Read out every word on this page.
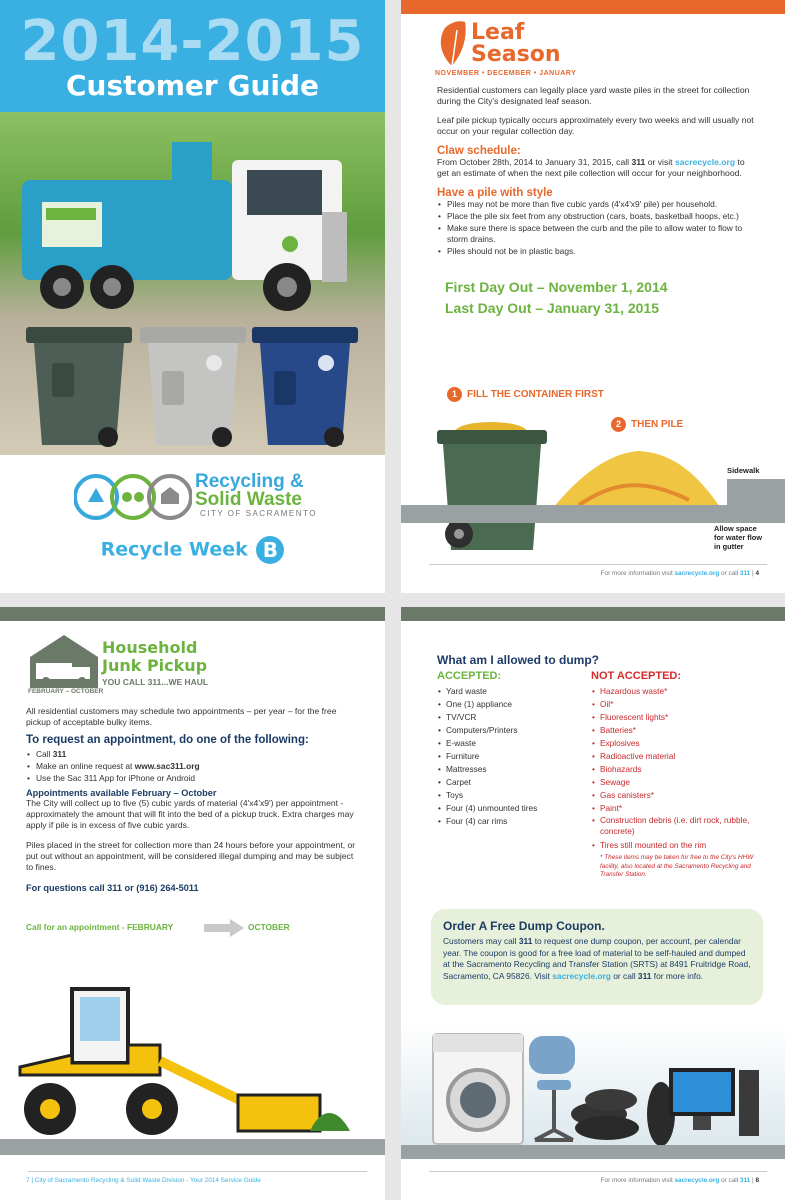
2014-2015
Customer Guide
Recycling &
Solid Waste
CITY OF SACRAMENTO
Recycle Week B
Leaf
Season
NOVEMBER • DECEMBER • JANUARY

Residential customers can legally place yard waste piles in the street for collection during the City's designated leaf season.

Leaf pile pickup typically occurs approximately every two weeks and will usually not occur on your regular collection day.

Claw schedule:

From October 28th, 2014 to January 31, 2015, call 311 or visit sacrecycle.org to get an estimate of when the next pile collection will occur for your neighborhood.

Have a pile with style
• Piles may not be more than five cubic yards (4'x4'x9' pile) per household.
• Place the pile six feet from any obstruction (cars, boats, basketball hoops, etc.)
• Make sure there is space between the curb and the pile to allow water to flow to storm drains.
• Piles should not be in plastic bags.
First Day Out – November 1, 2014
Last Day Out – January 31, 2015
1 FILL THE CONTAINER FIRST
2 THEN PILE
Sidewalk
Allow space for water flow in gutter
For more information visit sacrecycle.org or call 311 | 4
Household
Junk Pickup
YOU CALL 311...WE HAUL
FEBRUARY – OCTOBER

All residential customers may schedule two appointments – per year – for the free pickup of acceptable bulky items.

To request an appointment, do one of the following:
• Call 311
• Make an online request at www.sac311.org
• Use the Sac 311 App for iPhone or Android
Appointments available February – October

The City will collect up to five (5) cubic yards of material (4'x4'x9') per appointment - approximately the amount that will fit into the bed of a pickup truck. Extra charges may apply if pile is in excess of five cubic yards.

Piles placed in the street for collection more than 24 hours before your appointment, or put out without an appointment, will be considered illegal dumping and may be subject to fines.

For questions call 311 or (916) 264-5011
Call for an appointment - FEBRUARY	OCTOBER
7 | City of Sacramento Recycling & Solid Waste Division - Your 2014 Service Guide
What am I allowed to dump?
ACCEPTED:
• Yard waste
• One (1) appliance
• TV/VCR
• Computers/Printers
• E-waste
• Furniture
• Mattresses
• Carpet
• Toys
• Four (4) unmounted tires
• Four (4) car rims
NOT ACCEPTED:
• Hazardous waste*
• Oil*
• Fluorescent lights*
• Batteries*
• Explosives
• Radioactive material
• Biohazards
• Sewage
• Gas canisters*
• Paint*
• Construction debris (i.e. dirt rock, rubble, concrete)
• Tires still mounted on the rim
* These items may be taken for free to the City's HHW facility, also located at the Sacramento Recycling and Transfer Station.
Order A Free Dump Coupon.
Customers may call 311 to request one dump coupon, per account, per calendar year. The coupon is good for a free load of material to be self-hauled and dumped at the Sacramento Recycling and Transfer Station (SRTS) at 8491 Fruitridge Road, Sacramento, CA 95826. Visit sacrecycle.org or call 311 for more info.
For more information visit sacrecycle.org or call 311 | 8
